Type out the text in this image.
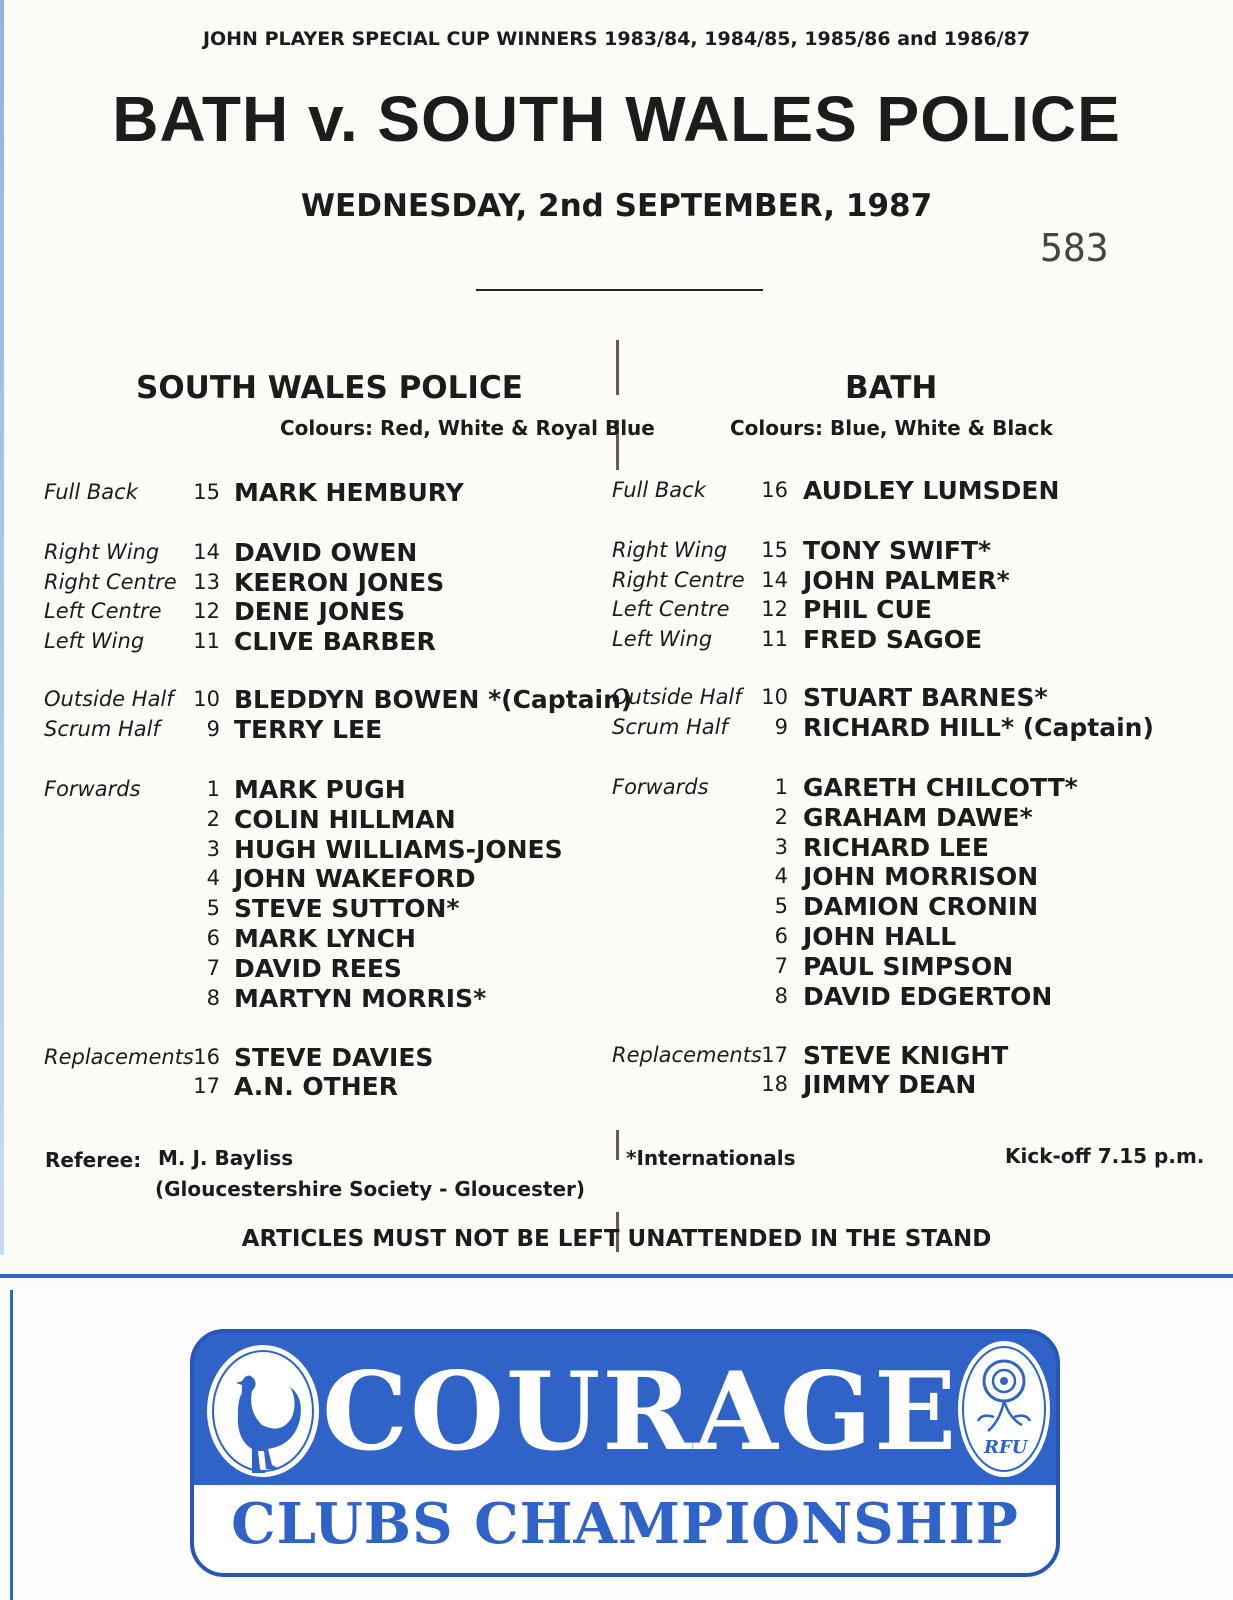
JOHN PLAYER SPECIAL CUP WINNERS 1983/84, 1984/85, 1985/86 and 1986/87
BATH v. SOUTH WALES POLICE
WEDNESDAY, 2nd SEPTEMBER, 1987
583
SOUTH WALES POLICE
Colours: Red, White & Royal Blue
BATH
Colours: Blue, White & Black
Full Back	15 MARK HEMBURY
Right Wing 14 DAVID OWEN
Right Centre 13 KEERON JONES
Left Centre 12 DENE JONES
Left Wing 11 CLIVE BARBER
Outside Half 10 BLEDDYN BOWEN *(Captain)
Scrum Half	9 TERRY LEE
Forwards	1 MARK PUGH
2 COLIN HILLMAN
3 HUGH WILLIAMS-JONES
4 JOHN WAKEFORD
5 STEVE SUTTON*
6 MARK LYNCH
7 DAVID REES
8 MARTYN MORRIS*
Replacements 16 STEVE DAVIES
17 A.N. OTHER
Full Back	16 AUDLEY LUMSDEN
Right Wing 15 TONY SWIFT*
Right Centre 14 JOHN PALMER*
Left Centre 12 PHIL CUE
Left Wing 11 FRED SAGOE
Outside Half 10 STUART BARNES*
Scrum Half	9 RICHARD HILL* (Captain)
Forwards	1 GARETH CHILCOTT*
2 GRAHAM DAWE*
3 RICHARD LEE
4 JOHN MORRISON
5 DAMION CRONIN
6 JOHN HALL
7 PAUL SIMPSON
8 DAVID EDGERTON
Replacements 17 STEVE KNIGHT
18 JIMMY DEAN
Referee: M. J. Bayliss
(Gloucestershire Society - Gloucester)
*Internationals	Kick-off 7.15 p.m.
ARTICLES MUST NOT BE LEFT UNATTENDED IN THE STAND
COURAGE RFU
CLUBS CHAMPIONSHIP
